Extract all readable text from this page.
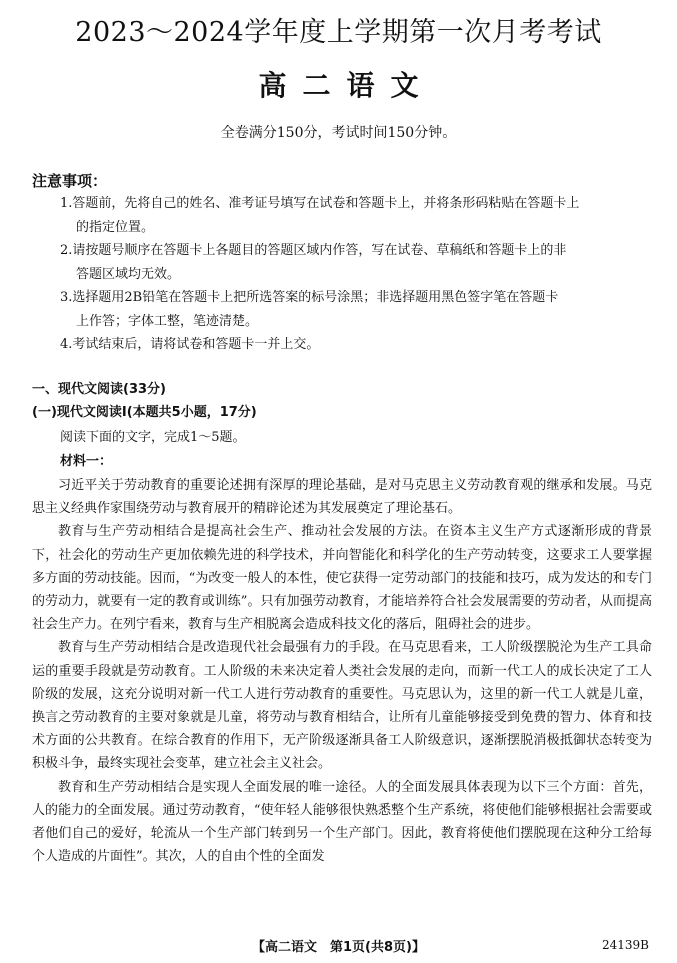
2023～2024学年度上学期第一次月考考试
高二语文
全卷满分150分，考试时间150分钟。
注意事项：
1.答题前，先将自己的姓名、准考证号填写在试卷和答题卡上，并将条形码粘贴在答题卡上
的指定位置。
2.请按题号顺序在答题卡上各题目的答题区域内作答，写在试卷、草稿纸和答题卡上的非
答题区域均无效。
3.选择题用2B铅笔在答题卡上把所选答案的标号涂黑；非选择题用黑色签字笔在答题卡
上作答；字体工整，笔迹清楚。
4.考试结束后，请将试卷和答题卡一并上交。
一、现代文阅读(33分)
(一)现代文阅读Ⅰ(本题共5小题，17分)
阅读下面的文字，完成1～5题。
材料一：

习近平关于劳动教育的重要论述拥有深厚的理论基础，是对马克思主义劳动教育观的继承和发展。马克思主义经典作家围绕劳动与教育展开的精辟论述为其发展奠定了理论基石。

教育与生产劳动相结合是提高社会生产、推动社会发展的方法。在资本主义生产方式逐渐形成的背景下，社会化的劳动生产更加依赖先进的科学技术，并向智能化和科学化的生产劳动转变，这要求工人要掌握多方面的劳动技能。因而，“为改变一般人的本性，使它获得一定劳动部门的技能和技巧，成为发达的和专门的劳动力，就要有一定的教育或训练”。只有加强劳动教育，才能培养符合社会发展需要的劳动者，从而提高社会生产力。在列宁看来，教育与生产相脱离会造成科技文化的落后，阻碍社会的进步。

教育与生产劳动相结合是改造现代社会最强有力的手段。在马克思看来，工人阶级摆脱沦为生产工具命运的重要手段就是劳动教育。工人阶级的未来决定着人类社会发展的走向，而新一代工人的成长决定了工人阶级的发展，这充分说明对新一代工人进行劳动教育的重要性。马克思认为，这里的新一代工人就是儿童，换言之劳动教育的主要对象就是儿童，将劳动与教育相结合，让所有儿童能够接受到免费的智力、体育和技术方面的公共教育。在综合教育的作用下，无产阶级逐渐具备工人阶级意识，逐渐摆脱消极抵御状态转变为积极斗争，最终实现社会变革，建立社会主义社会。

教育和生产劳动相结合是实现人全面发展的唯一途径。人的全面发展具体表现为以下三个方面：首先，人的能力的全面发展。通过劳动教育，“使年轻人能够很快熟悉整个生产系统，将使他们能够根据社会需要或者他们自己的爱好，轮流从一个生产部门转到另一个生产部门。因此，教育将使他们摆脱现在这种分工给每个人造成的片面性”。其次，人的自由个性的全面发

【高二语文　第1页(共8页)】	24139B
